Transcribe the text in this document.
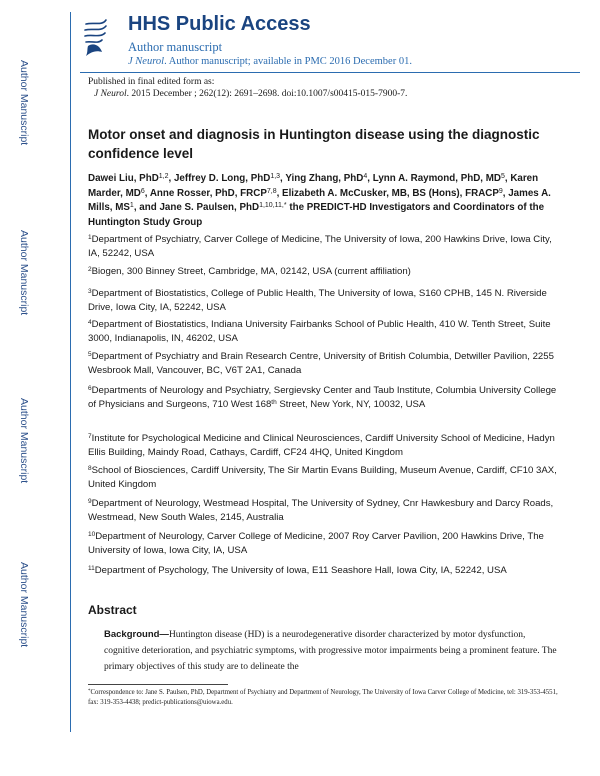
Author Manuscript
Author Manuscript
Author Manuscript
Author Manuscript
HHS Public Access
Author manuscript
J Neurol. Author manuscript; available in PMC 2016 December 01.
Published in final edited form as:
J Neurol. 2015 December ; 262(12): 2691–2698. doi:10.1007/s00415-015-7900-7.
Motor onset and diagnosis in Huntington disease using the diagnostic confidence level
Dawei Liu, PhD$^{1,2}$, Jeffrey D. Long, PhD$^{1,3}$, Ying Zhang, PhD$^4$, Lynn A. Raymond, PhD, $MD^5$, Karen Marder, $MD^6$, Anne Rosser, PhD, FRCP$^{7,8}$, Elizabeth A. McCusker, MB, BS (Hons), FRACP$^9$, James A. Mills, $MS^1$, and Jane S. Paulsen, PhD$^{1,10,11,*}$ the PREDICT-HD Investigators and Coordinators of the Huntington Study Group
$^1$Department of Psychiatry, Carver College of Medicine, The University of Iowa, 200 Hawkins Drive, Iowa City, IA, 52242, USA
$^2$Biogen, 300 Binney Street, Cambridge, MA, 02142, USA (current affiliation)
$^3$Department of Biostatistics, College of Public Health, The University of Iowa, S160 CPHB, 145 N. Riverside Drive, Iowa City, IA, 52242, USA
$^4$Department of Biostatistics, Indiana University Fairbanks School of Public Health, 410 W. Tenth Street, Suite 3000, Indianapolis, IN, 46202, USA
$^5$Department of Psychiatry and Brain Research Centre, University of British Columbia, Detwiller Pavilion, 2255 Wesbrook Mall, Vancouver, BC, V6T 2A1, Canada
$^6$Departments of Neurology and Psychiatry, Sergievsky Center and Taub Institute, Columbia University College of Physicians and Surgeons, 710 West 168th Street, New York, NY, 10032, USA
$^7$Institute for Psychological Medicine and Clinical Neurosciences, Cardiff University School of Medicine, Hadyn Ellis Building, Maindy Road, Cathays, Cardiff, CF24 4HQ, United Kingdom
$^8$School of Biosciences, Cardiff University, The Sir Martin Evans Building, Museum Avenue, Cardiff, CF10 3AX, United Kingdom
$^9$Department of Neurology, Westmead Hospital, The University of Sydney, Cnr Hawkesbury and Darcy Roads, Westmead, New South Wales, 2145, Australia
$^{10}$Department of Neurology, Carver College of Medicine, 2007 Roy Carver Pavilion, 200 Hawkins Drive, The University of Iowa, Iowa City, IA, USA
$^{11}$Department of Psychology, The University of Iowa, E11 Seashore Hall, Iowa City, IA, 52242, USA
Abstract
Background—Huntington disease (HD) is a neurodegenerative disorder characterized by motor dysfunction, cognitive deterioration, and psychiatric symptoms, with progressive motor impairments being a prominent feature. The primary objectives of this study are to delineate the
*Correspondence to: Jane S. Paulsen, PhD, Department of Psychiatry and Department of Neurology, The University of Iowa Carver College of Medicine, tel: 319-353-4551, fax: 319-353-4438; predict-publications@uiowa.edu.
